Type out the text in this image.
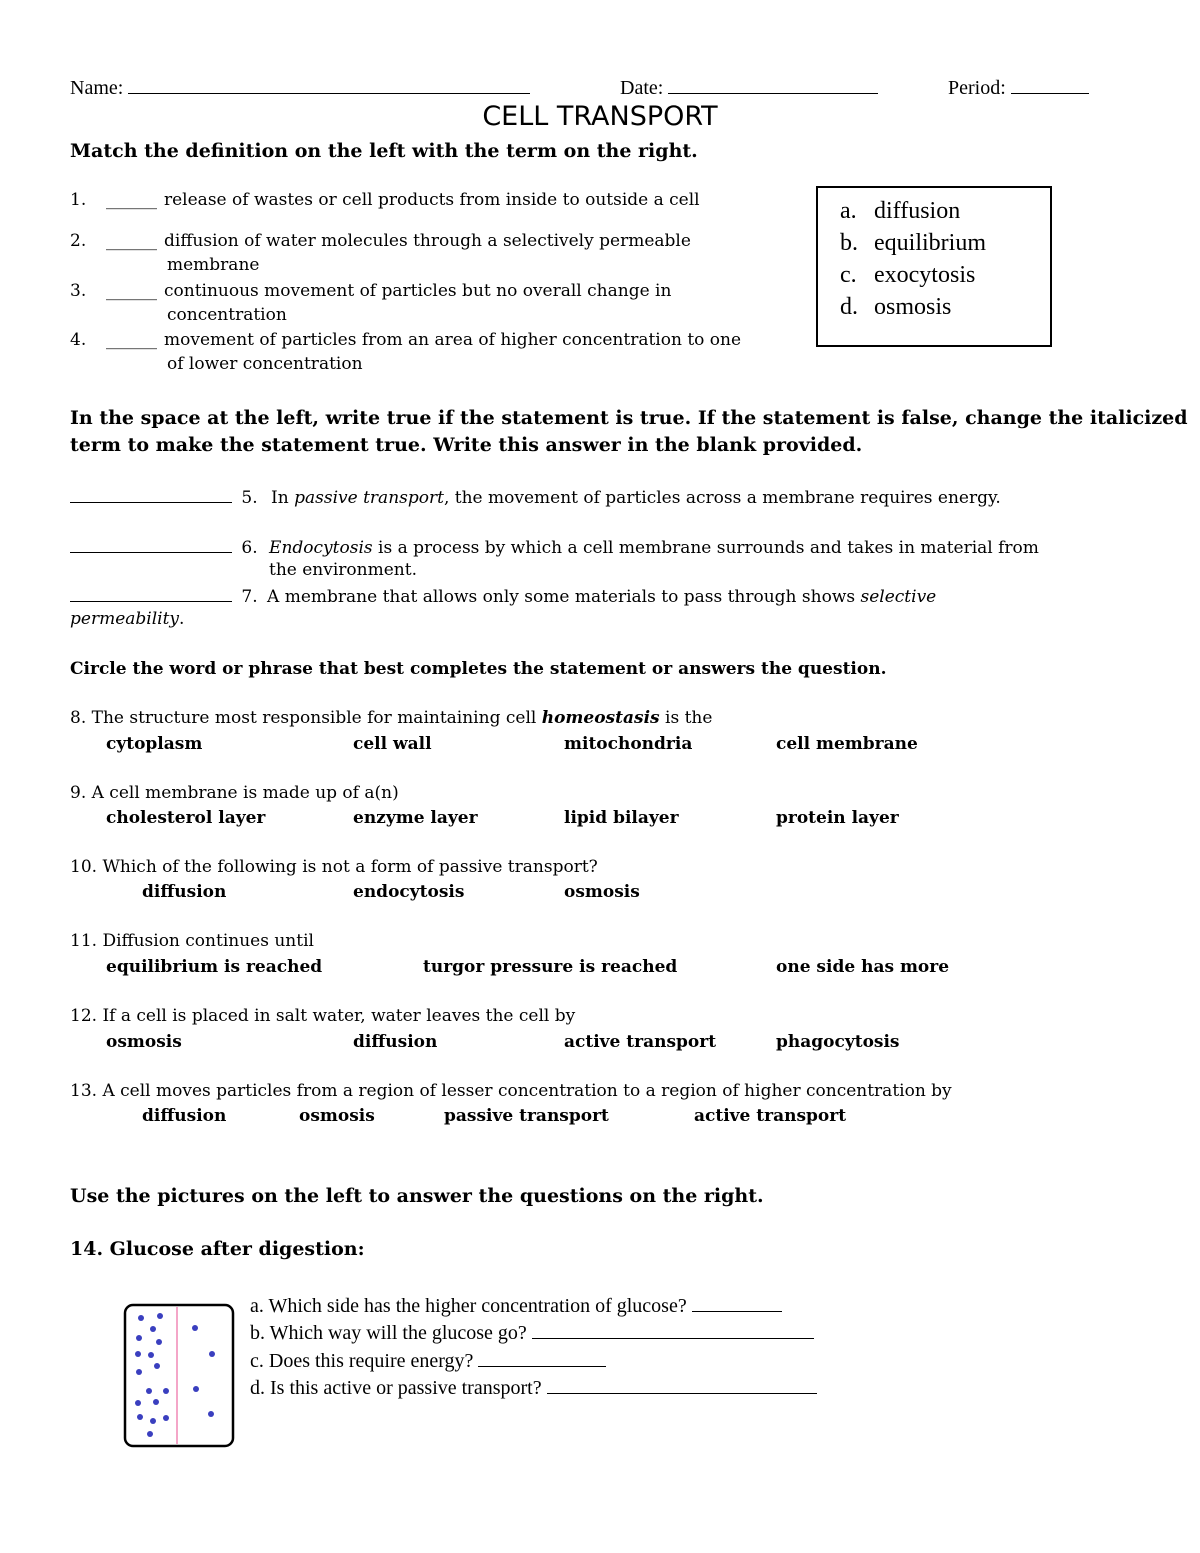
Name:	Date:	Period:
CELL TRANSPORT
Match the definition on the left with the term on the right.
1. ______ release of wastes or cell products from inside to outside a cell
2. ______ diffusion of water molecules through a selectively permeable
membrane
3. ______ continuous movement of particles but no overall change in
concentration
4. ______ movement of particles from an area of higher concentration to one
of lower concentration
a. diffusion
b. equilibrium
c. exocytosis
d. osmosis
In the space at the left, write true if the statement is true. If the statement is false, change the italicized
term to make the statement true. Write this answer in the blank provided.
5. In passive transport, the movement of particles across a membrane requires energy.
6. Endocytosis is a process by which a cell membrane surrounds and takes in material from
the environment.
7. A membrane that allows only some materials to pass through shows selective
permeability.
Circle the word or phrase that best completes the statement or answers the question.
8. The structure most responsible for maintaining cell homeostasis is the
cytoplasm	cell wall	mitochondria	cell membrane
9. A cell membrane is made up of a(n)
cholesterol layer	enzyme layer	lipid bilayer	protein layer
10. Which of the following is not a form of passive transport?
diffusion	endocytosis	osmosis
11. Diffusion continues until
equilibrium is reached	turgor pressure is reached	one side has more
12. If a cell is placed in salt water, water leaves the cell by
osmosis	diffusion	active transport	phagocytosis
13. A cell moves particles from a region of lesser concentration to a region of higher concentration by
diffusion	osmosis	passive transport	active transport
Use the pictures on the left to answer the questions on the right.
14. Glucose after digestion:
a. Which side has the higher concentration of glucose?
b. Which way will the glucose go?
c. Does this require energy?
d. Is this active or passive transport?
